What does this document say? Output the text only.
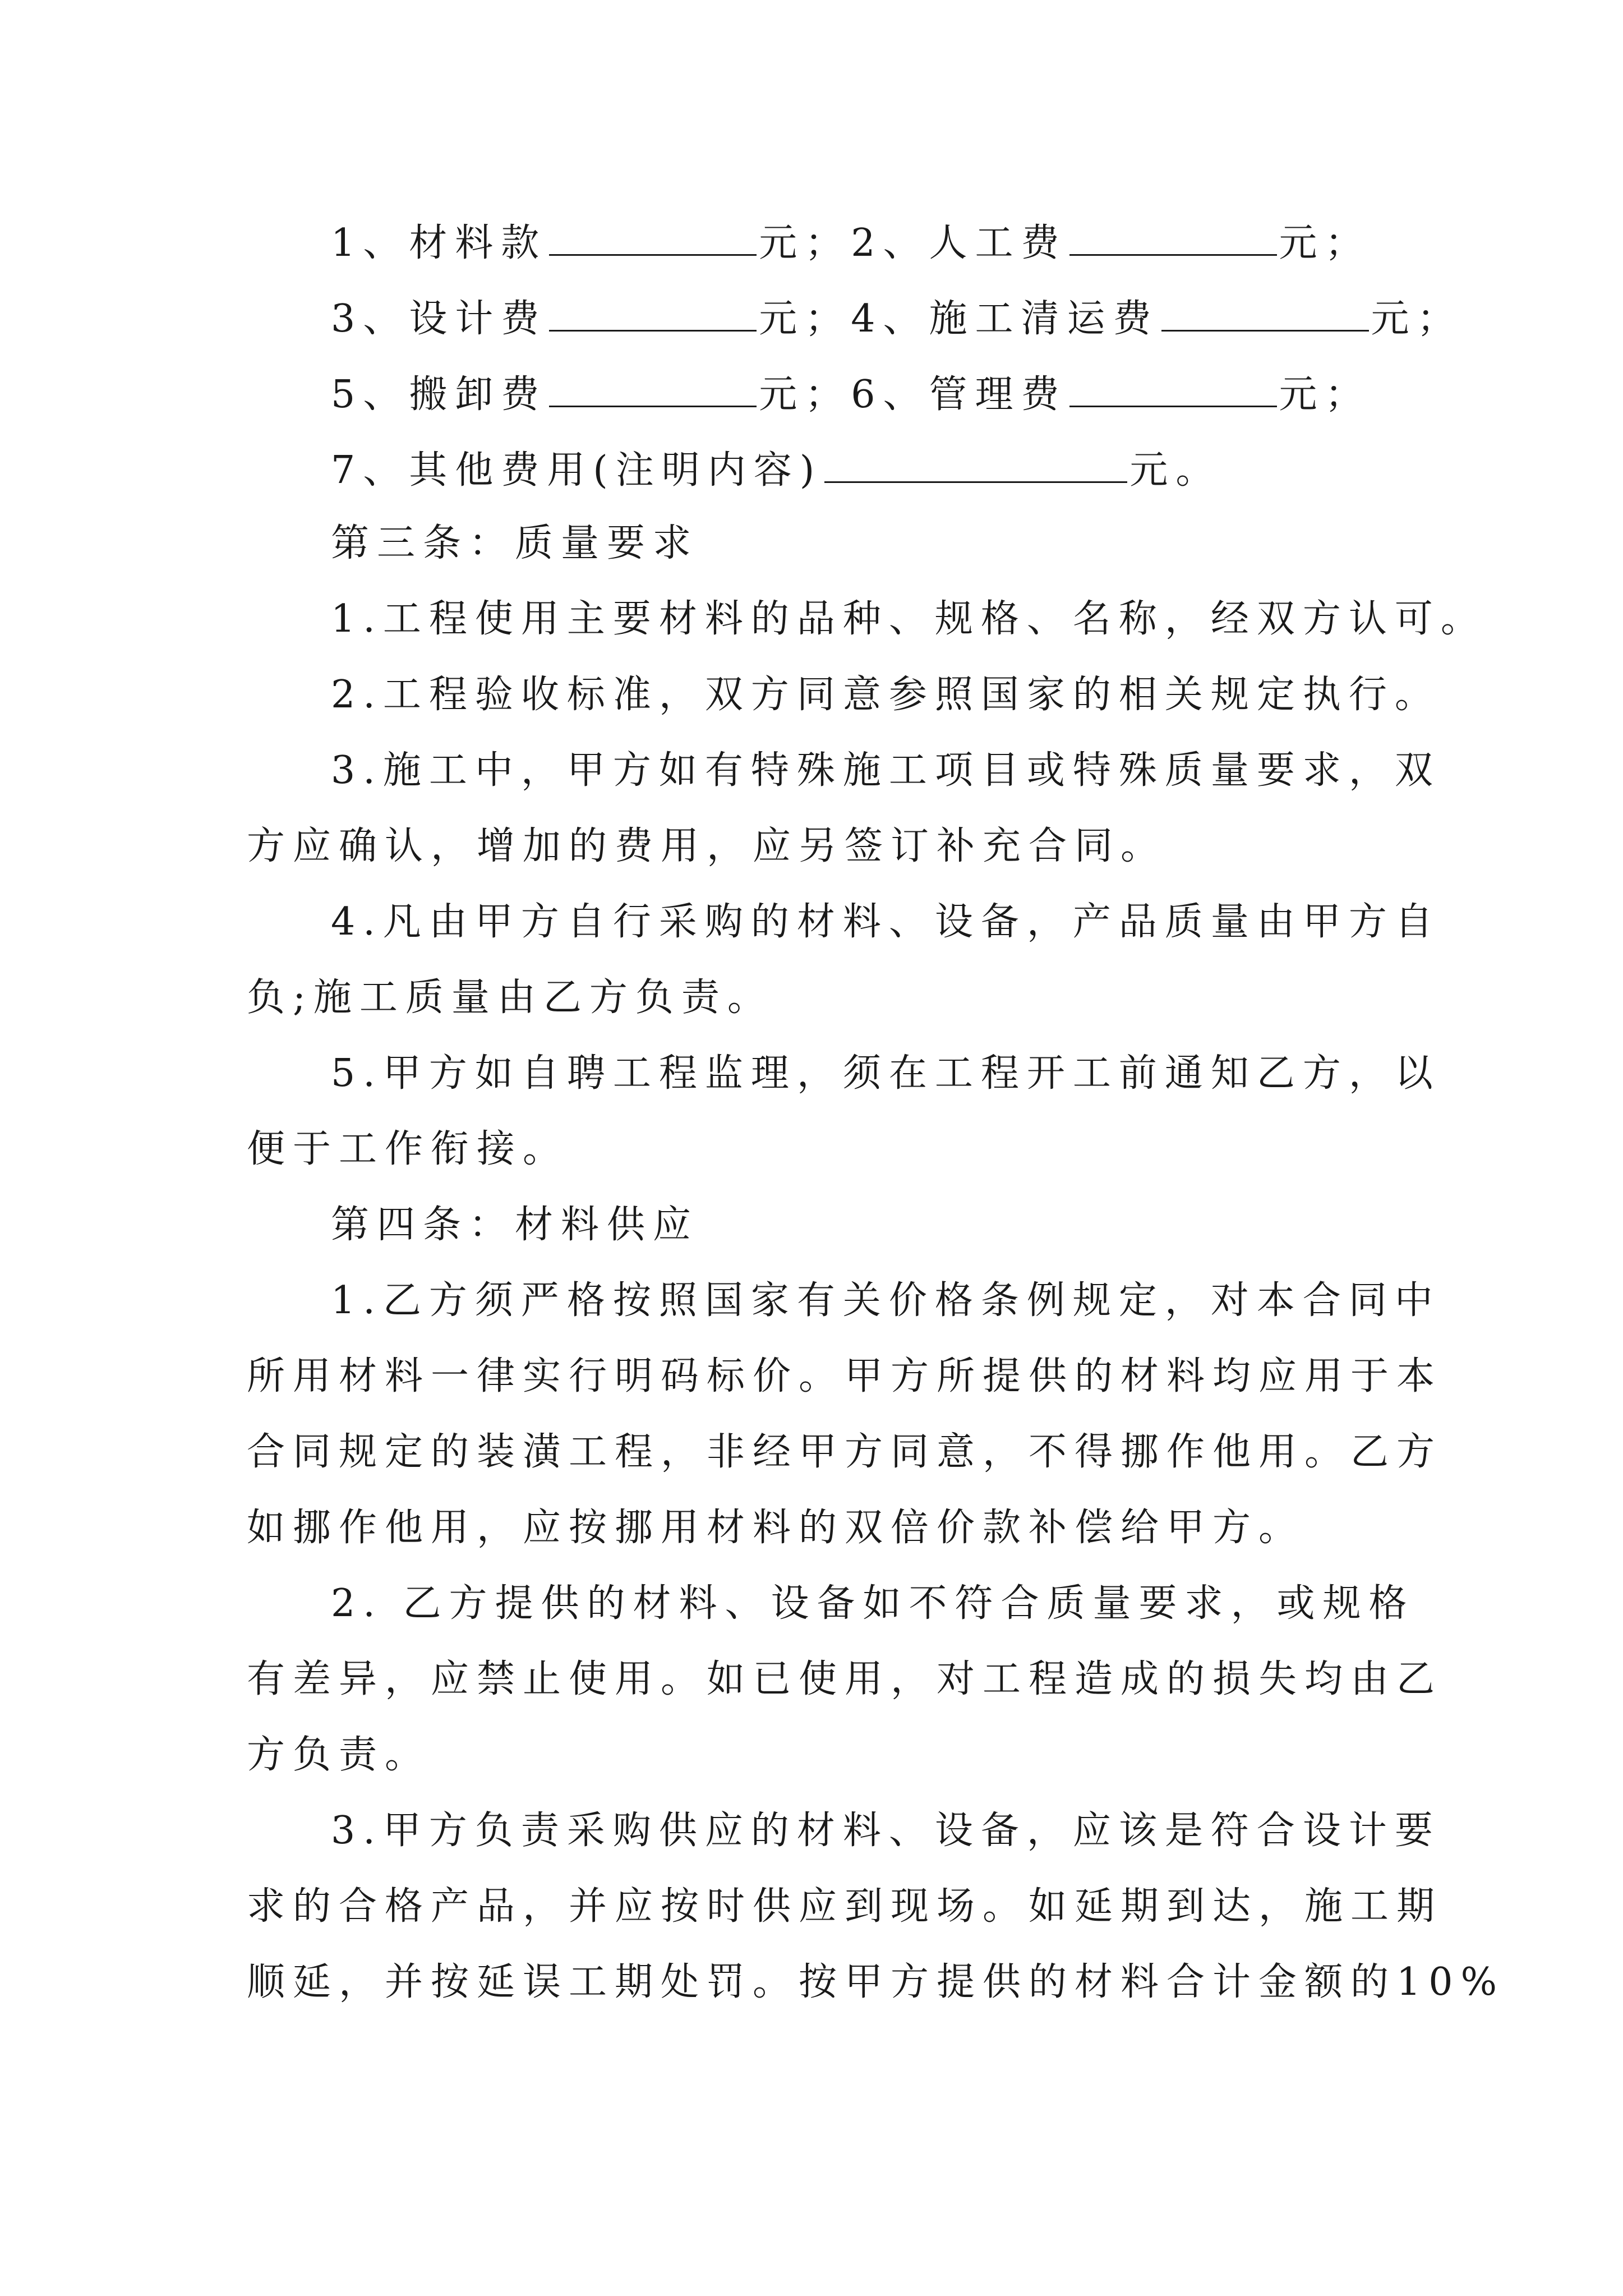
1、材料款	元；2、人工费	元；
3、设计费	元；4、施工清运费	元；
5、搬卸费	元；6、管理费	元；
7、其他费用(注明内容)	元。
第三条：质量要求
1.工程使用主要材料的品种、规格、名称，经双方认可。
2.工程验收标准，双方同意参照国家的相关规定执行。
3.施工中，甲方如有特殊施工项目或特殊质量要求，双
方应确认，增加的费用，应另签订补充合同。
4.凡由甲方自行采购的材料、设备，产品质量由甲方自
负;施工质量由乙方负责。
5.甲方如自聘工程监理，须在工程开工前通知乙方，以
便于工作衔接。
第四条：材料供应
1.乙方须严格按照国家有关价格条例规定，对本合同中
所用材料一律实行明码标价。甲方所提供的材料均应用于本
合同规定的装潢工程，非经甲方同意，不得挪作他用。乙方
如挪作他用，应按挪用材料的双倍价款补偿给甲方。
2. 乙方提供的材料、设备如不符合质量要求，或规格
有差异，应禁止使用。如已使用，对工程造成的损失均由乙
方负责。
3.甲方负责采购供应的材料、设备，应该是符合设计要
求的合格产品，并应按时供应到现场。如延期到达，施工期
顺延，并按延误工期处罚。按甲方提供的材料合计金额的10%
